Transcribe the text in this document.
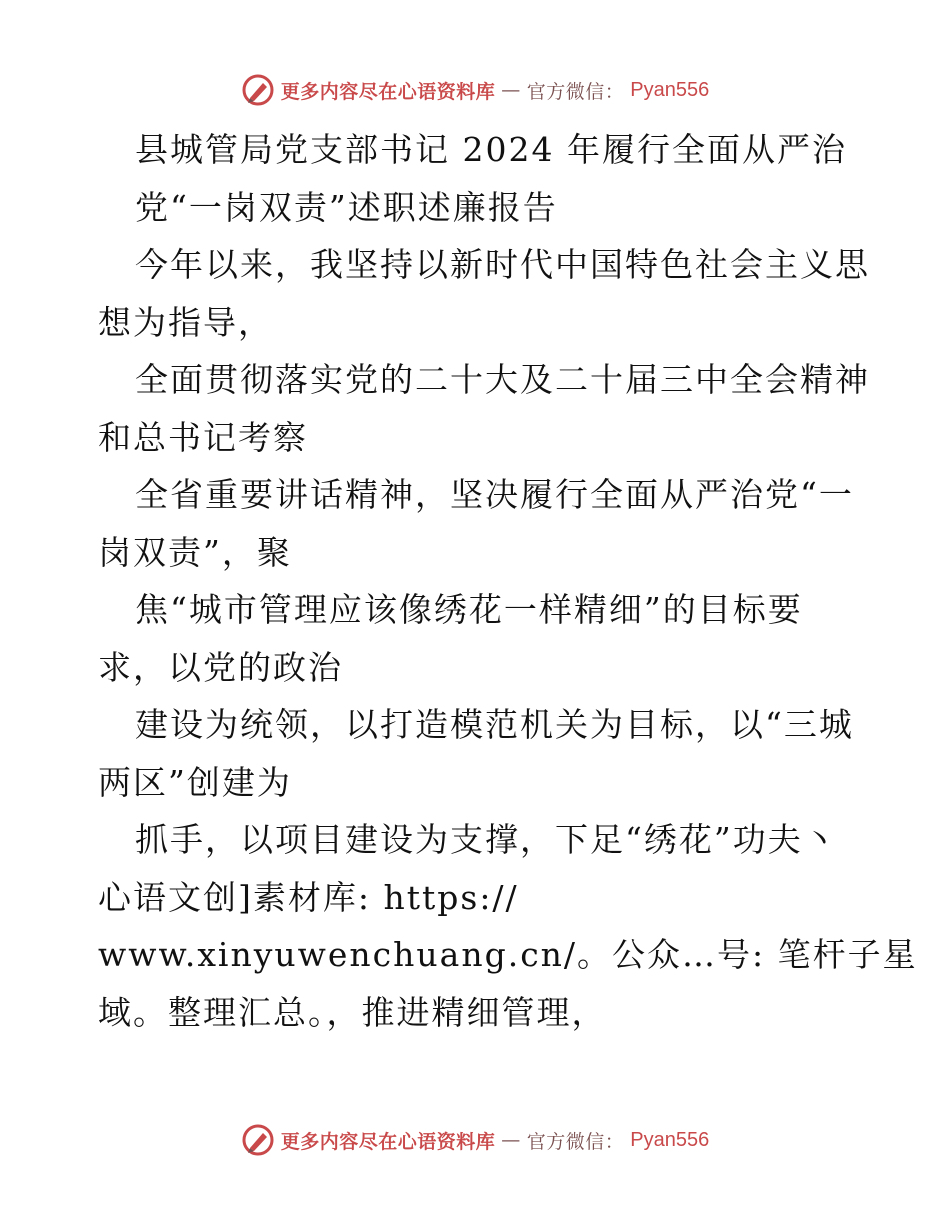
更多内容尽在心语资料库 — 官方微信： Pyan556
县城管局党支部书记 2024 年履行全面从严治
党“一岗双责”述职述廉报告
今年以来，我坚持以新时代中国特色社会主义思
想为指导，
全面贯彻落实党的二十大及二十届三中全会精神
和总书记考察
全省重要讲话精神，坚决履行全面从严治党“一
岗双责”，聚
焦“城市管理应该像绣花一样精细”的目标要
求，以党的政治
建设为统领，以打造模范机关为目标，以“三城
两区”创建为
抓手，以项目建设为支撑，下足“绣花”功夫丶
心语文创]素材库: https://
www.xinyuwenchuang.cn/。公众…号: 笔杆子星
域。整理汇总。，推进精细管理，
更多内容尽在心语资料库 — 官方微信： Pyan556
